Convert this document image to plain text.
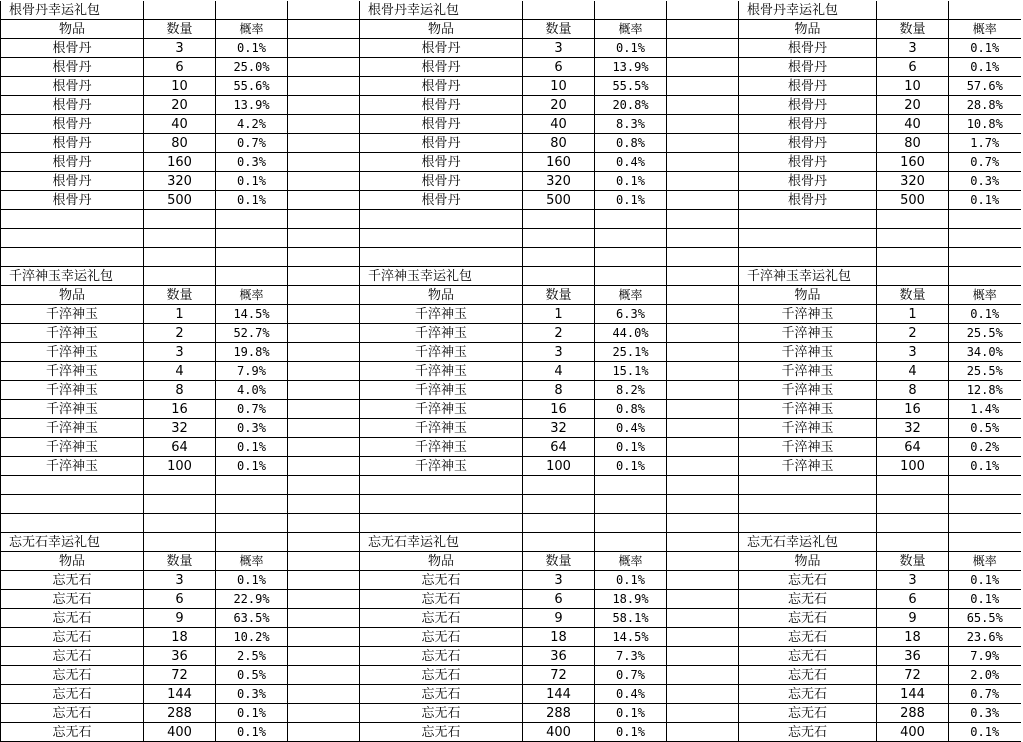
根骨丹幸运礼包			
物品	数量	概率	
根骨丹	3	0.1%	
根骨丹	6	25.0%	
根骨丹	10	55.6%	
根骨丹	20	13.9%	
根骨丹	40	4.2%	
根骨丹	80	0.7%	
根骨丹	160	0.3%	
根骨丹	320	0.1%	
根骨丹	500	0.1%	

千淬神玉幸运礼包			
物品	数量	概率	
千淬神玉	1	14.5%	
千淬神玉	2	52.7%	
千淬神玉	3	19.8%	
千淬神玉	4	7.9%	
千淬神玉	8	4.0%	
千淬神玉	16	0.7%	
千淬神玉	32	0.3%	
千淬神玉	64	0.1%	
千淬神玉	100	0.1%	

忘无石幸运礼包			
物品	数量	概率	
忘无石	3	0.1%	
忘无石	6	22.9%	
忘无石	9	63.5%	
忘无石	18	10.2%	
忘无石	36	2.5%	
忘无石	72	0.5%	
忘无石	144	0.3%	
忘无石	288	0.1%	
忘无石	400	0.1%	
根骨丹幸运礼包			
物品	数量	概率	
根骨丹	3	0.1%	
根骨丹	6	13.9%	
根骨丹	10	55.5%	
根骨丹	20	20.8%	
根骨丹	40	8.3%	
根骨丹	80	0.8%	
根骨丹	160	0.4%	
根骨丹	320	0.1%	
根骨丹	500	0.1%	

千淬神玉幸运礼包			
物品	数量	概率	
千淬神玉	1	6.3%	
千淬神玉	2	44.0%	
千淬神玉	3	25.1%	
千淬神玉	4	15.1%	
千淬神玉	8	8.2%	
千淬神玉	16	0.8%	
千淬神玉	32	0.4%	
千淬神玉	64	0.1%	
千淬神玉	100	0.1%	

忘无石幸运礼包			
物品	数量	概率	
忘无石	3	0.1%	
忘无石	6	18.9%	
忘无石	9	58.1%	
忘无石	18	14.5%	
忘无石	36	7.3%	
忘无石	72	0.7%	
忘无石	144	0.4%	
忘无石	288	0.1%	
忘无石	400	0.1%	
根骨丹幸运礼包		
物品	数量	概率
根骨丹	3	0.1%
根骨丹	6	0.1%
根骨丹	10	57.6%
根骨丹	20	28.8%
根骨丹	40	10.8%
根骨丹	80	1.7%
根骨丹	160	0.7%
根骨丹	320	0.3%
根骨丹	500	0.1%

千淬神玉幸运礼包		
物品	数量	概率
千淬神玉	1	0.1%
千淬神玉	2	25.5%
千淬神玉	3	34.0%
千淬神玉	4	25.5%
千淬神玉	8	12.8%
千淬神玉	16	1.4%
千淬神玉	32	0.5%
千淬神玉	64	0.2%
千淬神玉	100	0.1%

忘无石幸运礼包		
物品	数量	概率
忘无石	3	0.1%
忘无石	6	0.1%
忘无石	9	65.5%
忘无石	18	23.6%
忘无石	36	7.9%
忘无石	72	2.0%
忘无石	144	0.7%
忘无石	288	0.3%
忘无石	400	0.1%
